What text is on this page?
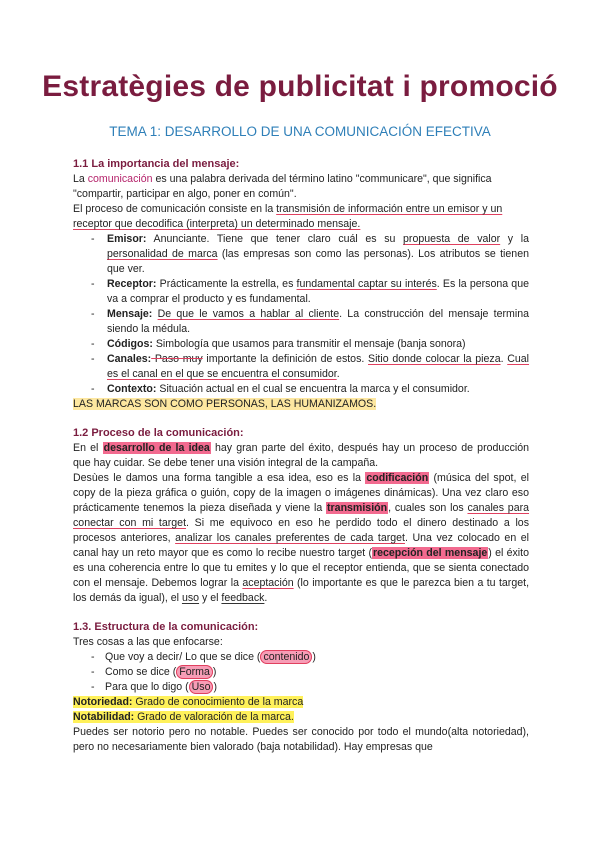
Estratègies de publicitat i promoció
TEMA 1: DESARROLLO DE UNA COMUNICACIÓN EFECTIVA
1.1 La importancia del mensaje:

La comunicación es una palabra derivada del término latino "communicare", que significa "compartir, participar en algo, poner en común".

El proceso de comunicación consiste en la transmisión de información entre un emisor y un receptor que decodifica (interpreta) un determinado mensaje.

- Emisor: Anunciante. Tiene que tener claro cuál es su propuesta de valor y la personalidad de marca (las empresas son como las personas). Los atributos se tienen que ver.
- Receptor: Prácticamente la estrella, es fundamental captar su interés. Es la persona que va a comprar el producto y es fundamental.
- Mensaje: De que le vamos a hablar al cliente. La construcción del mensaje termina siendo la médula.
- Códigos: Simbología que usamos para transmitir el mensaje (banja sonora)
- Canales: Paso muy importante la definición de estos. Sitio donde colocar la pieza. Cual es el canal en el que se encuentra el consumidor.
- Contexto: Situación actual en el cual se encuentra la marca y el consumidor.

LAS MARCAS SON COMO PERSONAS, LAS HUMANIZAMOS.

1.2 Proceso de la comunicación:

En el desarrollo de la idea hay gran parte del éxito, después hay un proceso de producción que hay cuidar. Se debe tener una visión integral de la campaña.

Desùes le damos una forma tangible a esa idea, eso es la codificación (música del spot, el copy de la pieza gráfica o guión, copy de la imagen o imágenes dinámicas). Una vez claro eso prácticamente tenemos la pieza diseñada y viene la transmisión, cuales son los canales para conectar con mi target. Si me equivoco en eso he perdido todo el dinero destinado a los procesos anteriores, analizar los canales preferentes de cada target. Una vez colocado en el canal hay un reto mayor que es como lo recibe nuestro target (recepción del mensaje) el éxito es una coherencia entre lo que tu emites y lo que el receptor entienda, que se sienta conectado con el mensaje. Debemos lograr la aceptación (lo importante es que le parezca bien a tu target, los demás da igual), el uso y el feedback.

1.3. Estructura de la comunicación:

Tres cosas a las que enfocarse:

- Que voy a decir/ Lo que se dice ( contenido )
- Como se dice ( Forma )
- Para que lo digo ( Uso )

Notoriedad: Grado de conocimiento de la marca

Notabilidad: Grado de valoración de la marca.

Puedes ser notorio pero no notable. Puedes ser conocido por todo el mundo(alta notoriedad), pero no necesariamente bien valorado (baja notabilidad). Hay empresas que
